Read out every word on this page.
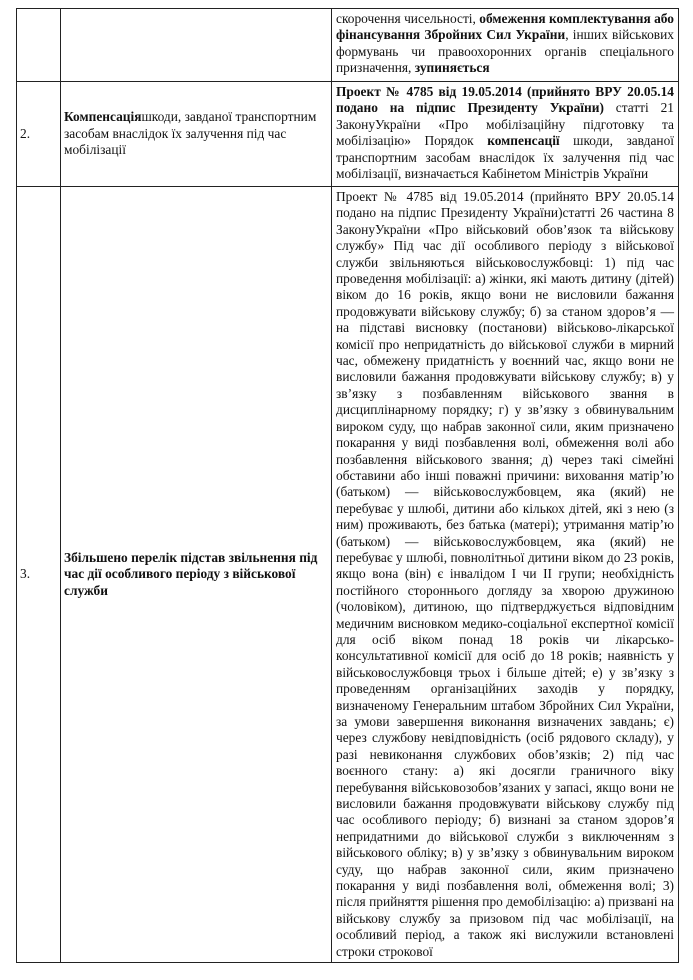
		скорочення чисельності, обмеження комплектування або фінансування Збройних Сил України, інших військових формувань чи правоохоронних органів спеціального призначення, зупиняється
2.	Компенсаціяшкоди, завданої транспортним засобам внаслідок їх залучення під час мобілізації	Проект № 4785 від 19.05.2014 (прийнято ВРУ 20.05.14 подано на підпис Президенту України) статті 21 ЗаконуУкраїни «Про мобілізаційну підготовку та мобілізацію» Порядок компенсації шкоди, завданої транспортним засобам внаслідок їх залучення під час мобілізації, визначається Кабінетом Міністрів України
3.	Збільшено перелік підстав звільнення під час дії особливого періоду з військової служби	Проект № 4785 від 19.05.2014 (прийнято ВРУ 20.05.14 подано на підпис Президенту України)статті 26 частина 8 ЗаконуУкраїни «Про військовий обов’язок та військову службу» Під час дії особливого періоду з військової служби звільняються військовослужбовці: 1) під час проведення мобілізації: а) жінки, які мають дитину (дітей) віком до 16 років, якщо вони не висловили бажання продовжувати військову службу; б) за станом здоров’я — на підставі висновку (постанови) військово-лікарської комісії про непридатність до військової служби в мирний час, обмежену придатність у воєнний час, якщо вони не висловили бажання продовжувати військову службу; в) у зв’язку з позбавленням військового звання в дисциплінарному порядку; г) у зв’язку з обвинувальним вироком суду, що набрав законної сили, яким призначено покарання у виді позбавлення волі, обмеження волі або позбавлення військового звання; д) через такі сімейні обставини або інші поважні причини: виховання матір’ю (батьком) — військовослужбовцем, яка (який) не перебуває у шлюбі, дитини або кількох дітей, які з нею (з ним) проживають, без батька (матері); утримання матір’ю (батьком) — військовослужбовцем, яка (який) не перебуває у шлюбі, повнолітньої дитини віком до 23 років, якщо вона (він) є інвалідом I чи II групи; необхідність постійного стороннього догляду за хворою дружиною (чоловіком), дитиною, що підтверджується відповідним медичним висновком медико-соціальної експертної комісії для осіб віком понад 18 років чи лікарсько-консультативної комісії для осіб до 18 років; наявність у військовослужбовця трьох і більше дітей; е) у зв’язку з проведенням організаційних заходів у порядку, визначеному Генеральним штабом Збройних Сил України, за умови завершення виконання визначених завдань; є) через службову невідповідність (осіб рядового складу), у разі невиконання службових обов’язків; 2) під час воєнного стану: а) які досягли граничного віку перебування військовозобов’язаних у запасі, якщо вони не висловили бажання продовжувати військову службу під час особливого періоду; б) визнані за станом здоров’я непридатними до військової служби з виключенням з військового обліку; в) у зв’язку з обвинувальним вироком суду, що набрав законної сили, яким призначено покарання у виді позбавлення волі, обмеження волі; 3) після прийняття рішення про демобілізацію: а) призвані на військову службу за призовом під час мобілізації, на особливий період, а також які вислужили встановлені строки строкової
